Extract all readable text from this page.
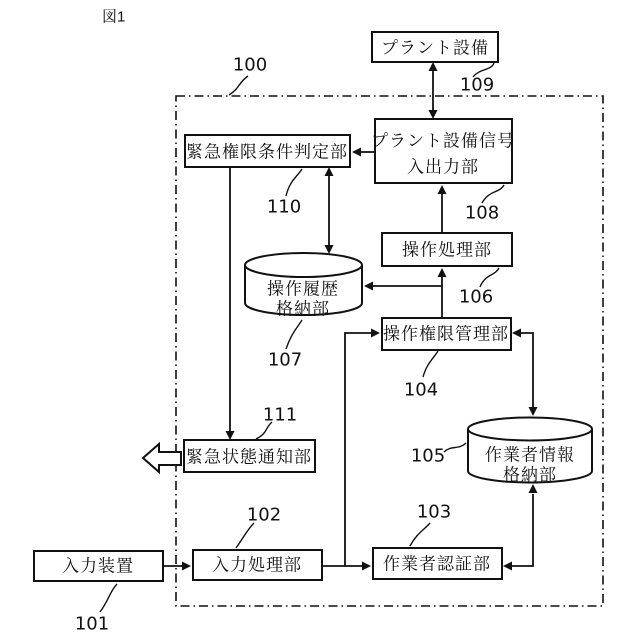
図1
プラント設備
プラント設備信号
入出力部
緊急権限条件判定部
操作処理部
操作権限管理部
緊急状態通知部
入力装置	入力処理部	作業者認証部
操作履歴
格納部
作業者情報
格納部
100
109
108
110
107
106
104
105
111
103
102
101
